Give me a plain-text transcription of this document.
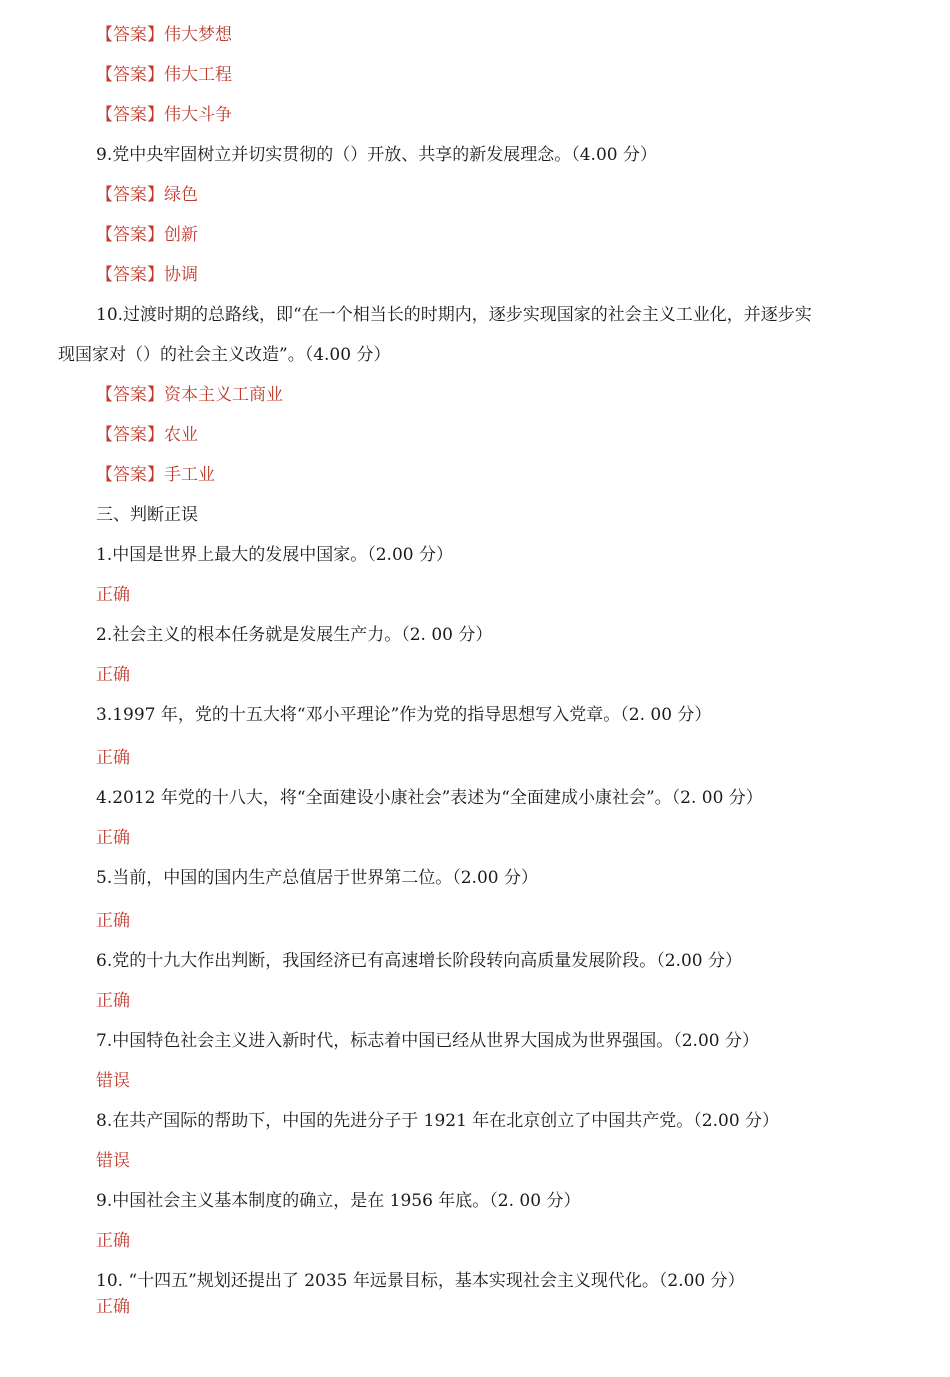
【答案】伟大梦想
【答案】伟大工程
【答案】伟大斗争
9.党中央牢固树立并切实贯彻的（）开放、共享的新发展理念。（4.00 分）
【答案】绿色
【答案】创新
【答案】协调
10.过渡时期的总路线，即“在一个相当长的时期内，逐步实现国家的社会主义工业化，并逐步实
现国家对（）的社会主义改造”。（4.00 分）
【答案】资本主义工商业
【答案】农业
【答案】手工业
三、判断正误
1.中国是世界上最大的发展中国家。（2.00 分）
正确
2.社会主义的根本任务就是发展生产力。（2. 00 分）
正确
3.1997 年，党的十五大将“邓小平理论”作为党的指导思想写入党章。（2. 00 分）
正确
4.2012 年党的十八大，将“全面建设小康社会”表述为“全面建成小康社会”。（2. 00 分）
正确
5.当前，中国的国内生产总值居于世界第二位。（2.00 分）
正确
6.党的十九大作出判断，我国经济已有高速增长阶段转向高质量发展阶段。（2.00 分）
正确
7.中国特色社会主义进入新时代，标志着中国已经从世界大国成为世界强国。（2.00 分）
错误
8.在共产国际的帮助下，中国的先进分子于 1921 年在北京创立了中国共产党。（2.00 分）
错误
9.中国社会主义基本制度的确立，是在 1956 年底。（2. 00 分）
正确
10. “十四五”规划还提出了 2035 年远景目标，基本实现社会主义现代化。（2.00 分）
正确
